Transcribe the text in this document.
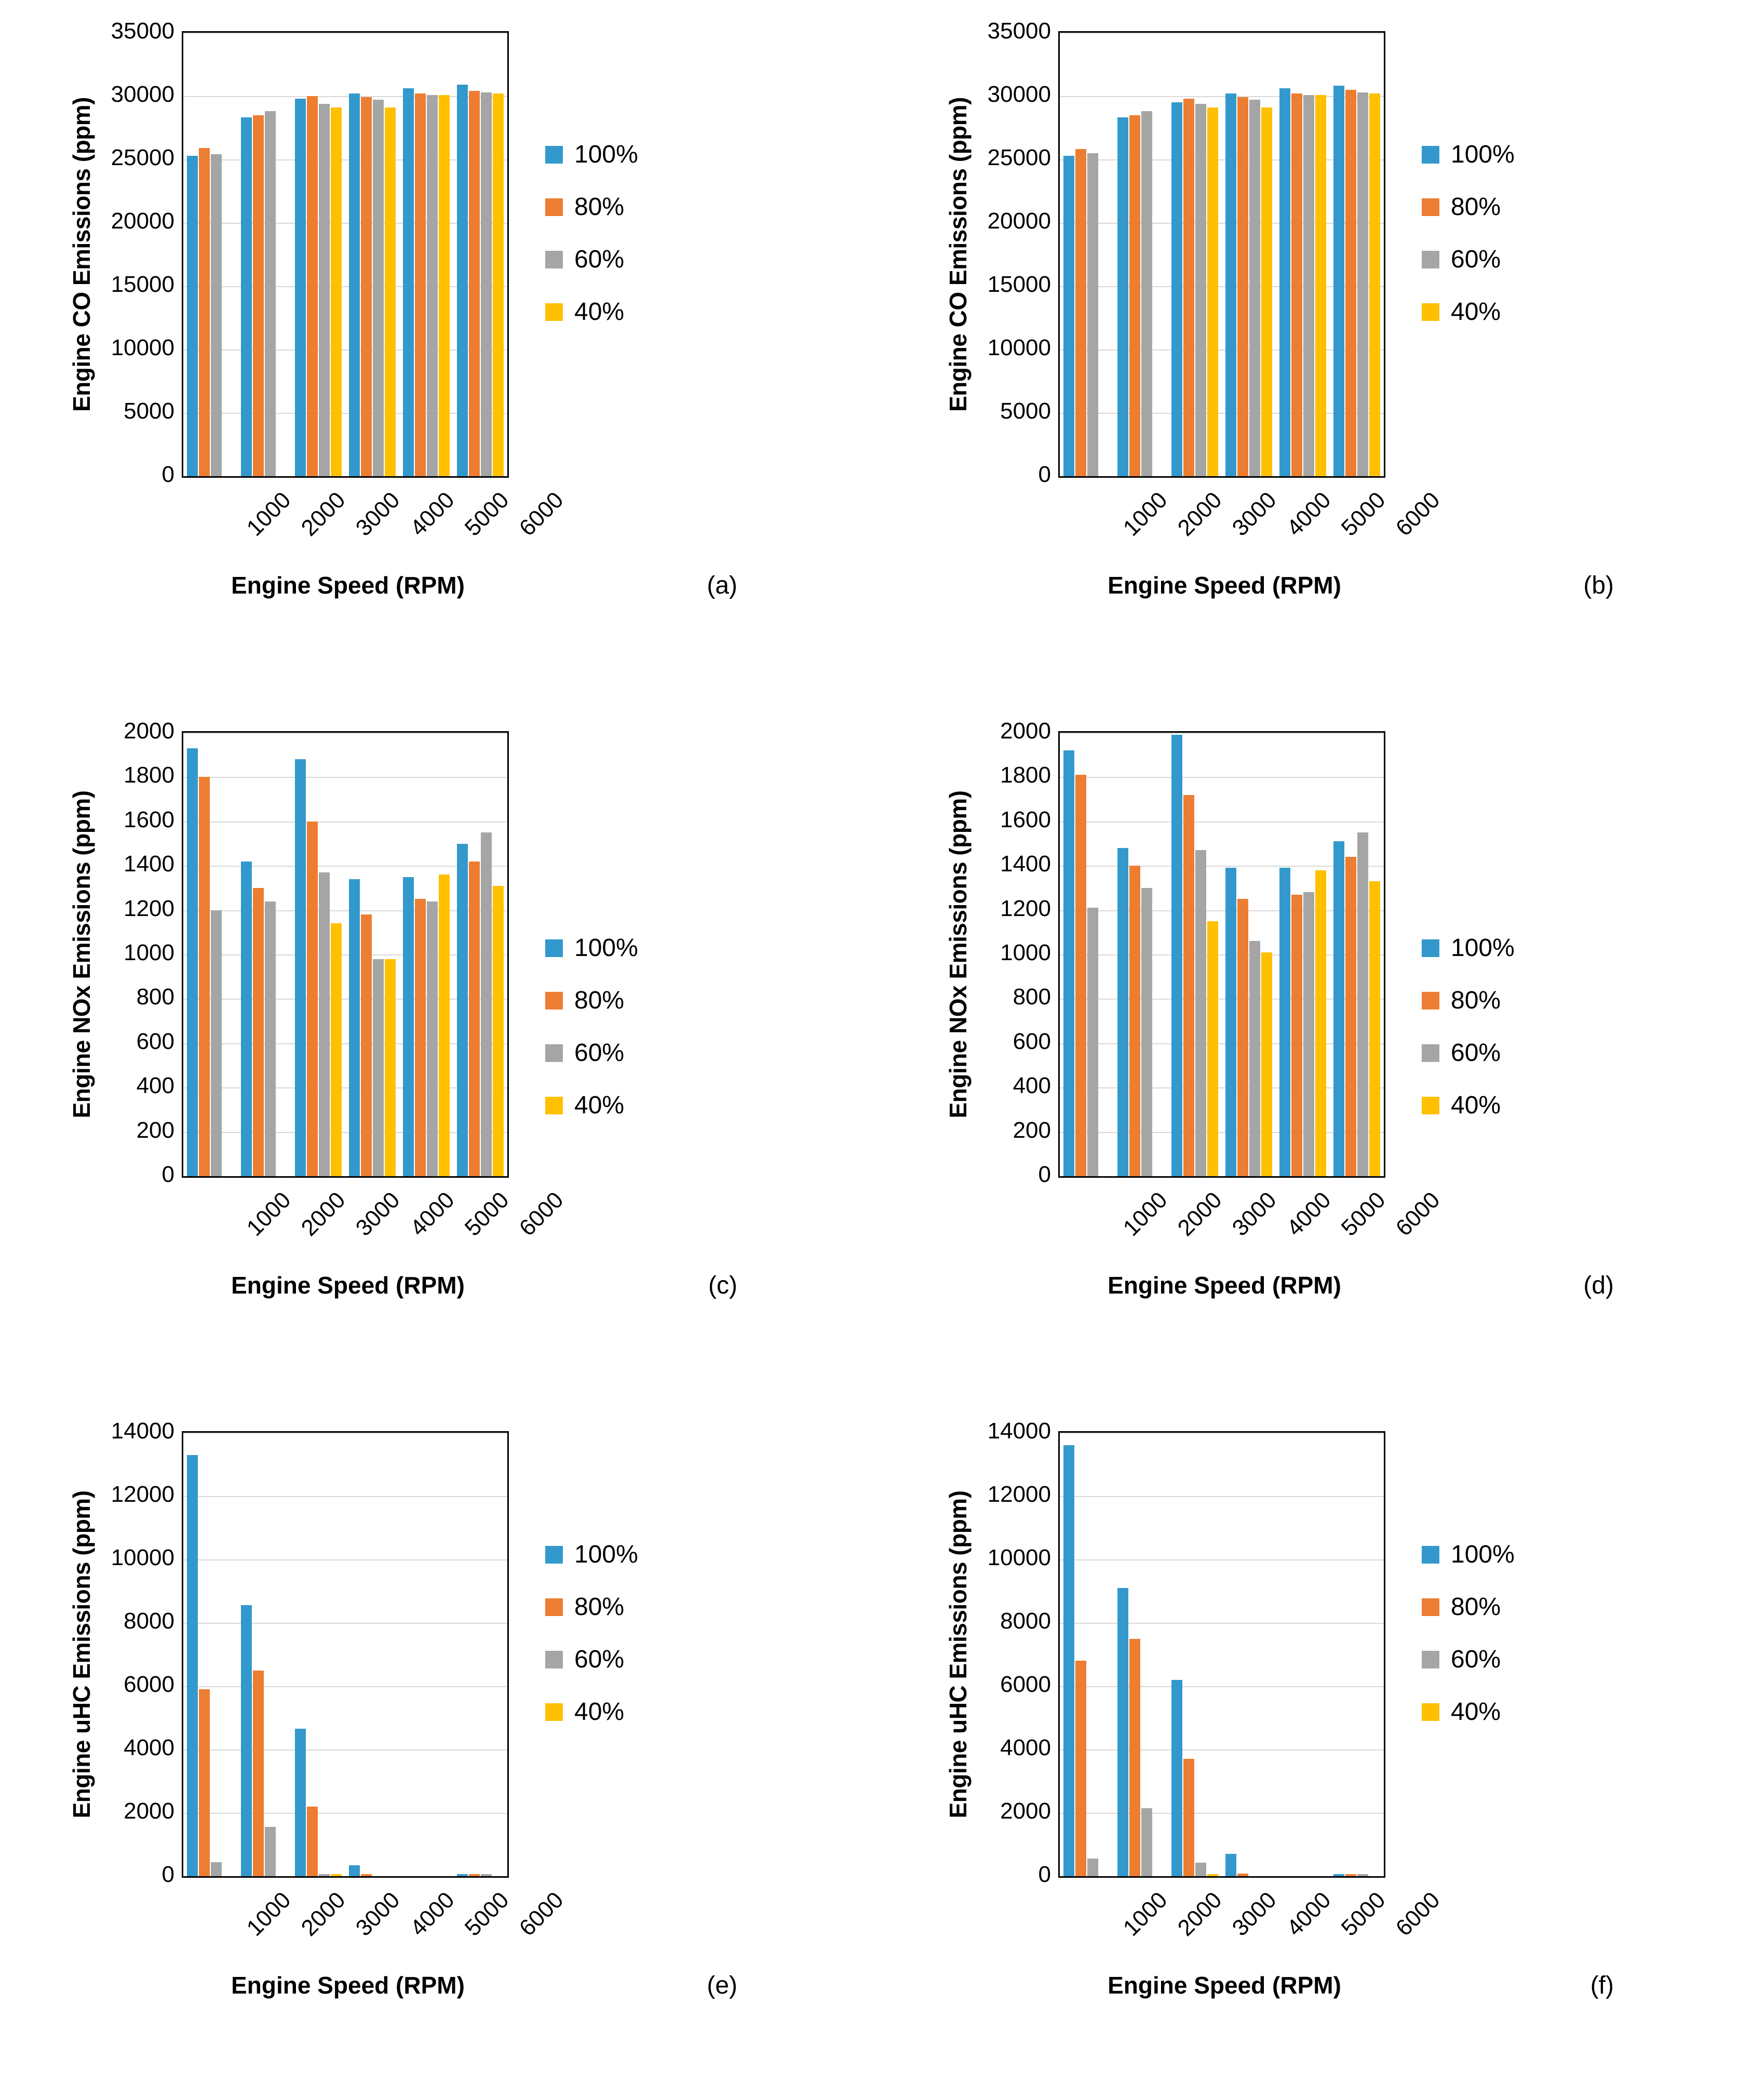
Engine CO Emissions (ppm)
0
5000
10000
15000
20000
25000
30000
35000
1000 2000 3000 4000 5000 6000
Engine Speed (RPM)	(a)
100%
80%
60%
40%	Engine CO Emissions (ppm)
0
5000
10000
15000
20000
25000
30000
35000
1000 2000 3000 4000 5000 6000
Engine Speed (RPM)	(b)
100%
80%
60%
40%
Engine NOx Emissions (ppm)
0
200
400
600
800
1000
1200
1400
1600
1800
2000
1000 2000 3000 4000 5000 6000
Engine Speed (RPM)	(c)
100%
80%
60%
40%	Engine NOx Emissions (ppm)
0
200
400
600
800
1000
1200
1400
1600
1800
2000
1000 2000 3000 4000 5000 6000
Engine Speed (RPM)	(d)
100%
80%
60%
40%
Engine uHC Emissions (ppm)
0
2000
4000
6000
8000
10000
12000
14000
1000 2000 3000 4000 5000 6000
Engine Speed (RPM)	(e)
100%
80%
60%
40%	Engine uHC Emissions (ppm)
0
2000
4000
6000
8000
10000
12000
14000
1000 2000 3000 4000 5000 6000
Engine Speed (RPM)	(f)
100%
80%
60%
40%
